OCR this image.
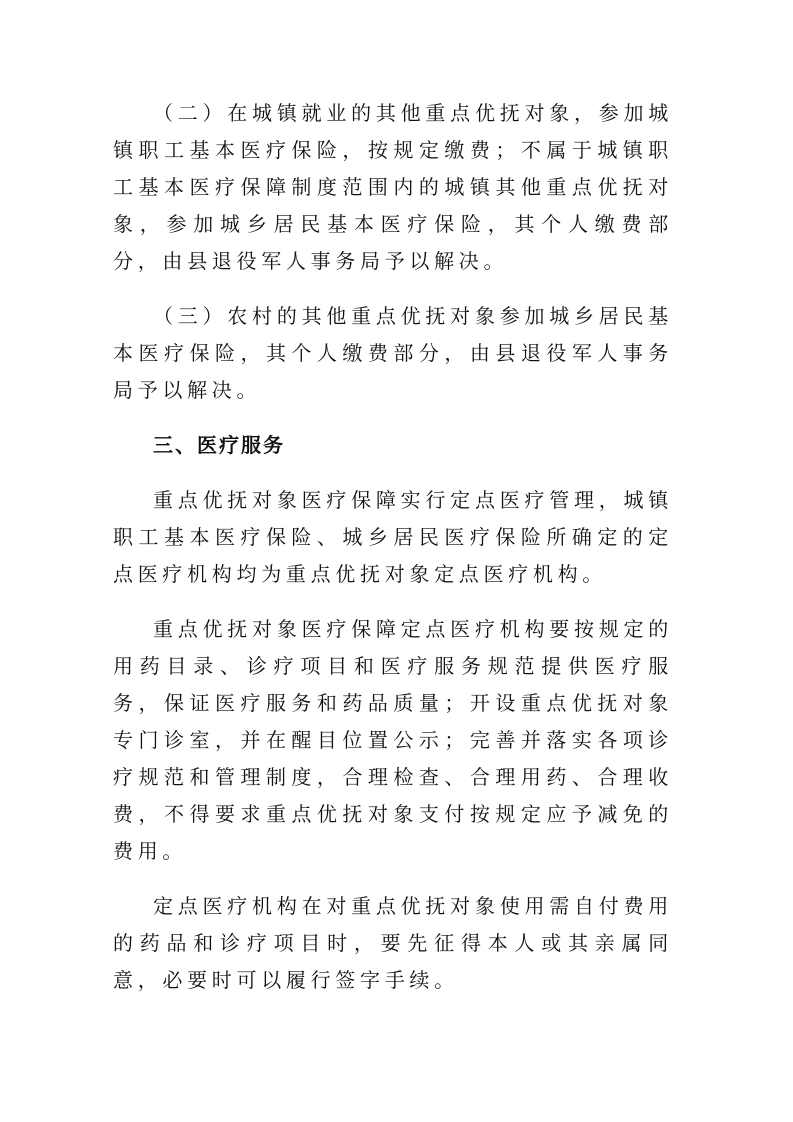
（二）在城镇就业的其他重点优抚对象，参加城镇职工基本医疗保险，按规定缴费；不属于城镇职工基本医疗保障制度范围内的城镇其他重点优抚对象，参加城乡居民基本医疗保险，其个人缴费部分，由县退役军人事务局予以解决。

（三）农村的其他重点优抚对象参加城乡居民基本医疗保险，其个人缴费部分，由县退役军人事务局予以解决。

三、医疗服务

重点优抚对象医疗保障实行定点医疗管理，城镇职工基本医疗保险、城乡居民医疗保险所确定的定点医疗机构均为重点优抚对象定点医疗机构。

重点优抚对象医疗保障定点医疗机构要按规定的用药目录、诊疗项目和医疗服务规范提供医疗服务，保证医疗服务和药品质量；开设重点优抚对象专门诊室，并在醒目位置公示；完善并落实各项诊疗规范和管理制度，合理检查、合理用药、合理收费，不得要求重点优抚对象支付按规定应予减免的费用。

定点医疗机构在对重点优抚对象使用需自付费用的药品和诊疗项目时，要先征得本人或其亲属同意，必要时可以履行签字手续。
